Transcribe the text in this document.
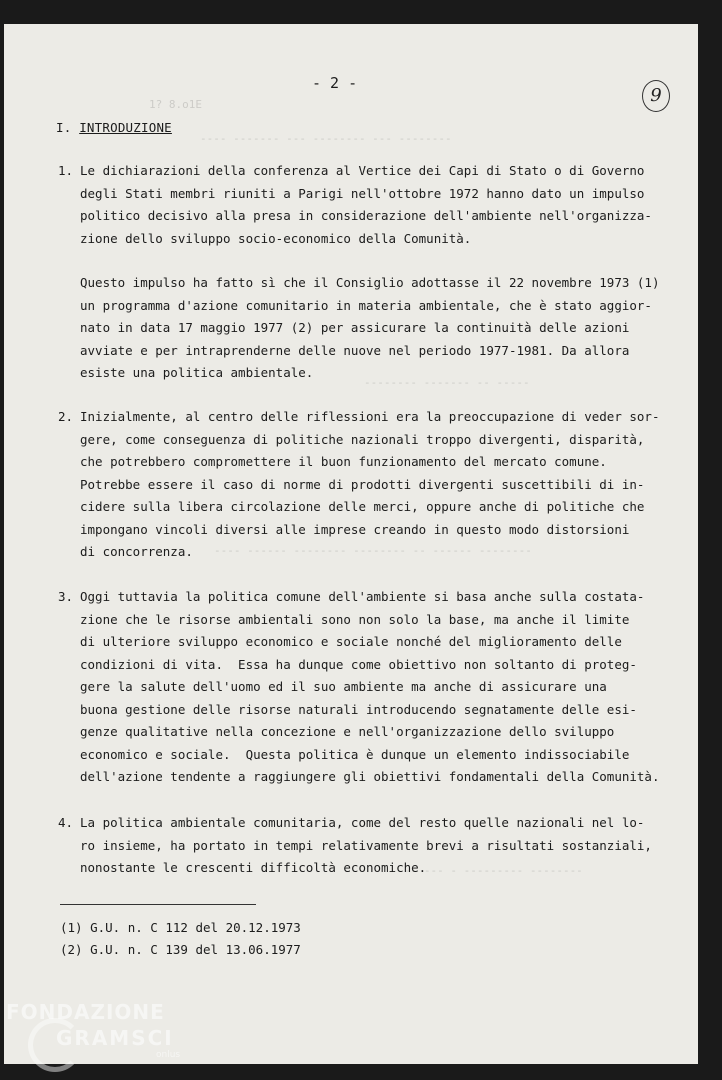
1? 8.o1E
---- ------- --- -------- --- --------
-------- ------- -- -----
---- ------ -------- -------- -- ------ --------
-- --- - --------- --------
- 2 -
9
I. INTRODUZIONE
1. Le dichiarazioni della conferenza al Vertice dei Capi di Stato o di Governo
degli Stati membri riuniti a Parigi nell'ottobre 1972 hanno dato un impulso
politico decisivo alla presa in considerazione dell'ambiente nell'organizza-
zione dello sviluppo socio-economico della Comunità.
Questo impulso ha fatto sì che il Consiglio adottasse il 22 novembre 1973 (1)
un programma d'azione comunitario in materia ambientale, che è stato aggior-
nato in data 17 maggio 1977 (2) per assicurare la continuità delle azioni
avviate e per intraprenderne delle nuove nel periodo 1977-1981. Da allora
esiste una politica ambientale.
2. Inizialmente, al centro delle riflessioni era la preoccupazione di veder sor-
gere, come conseguenza di politiche nazionali troppo divergenti, disparità,
che potrebbero compromettere il buon funzionamento del mercato comune.
Potrebbe essere il caso di norme di prodotti divergenti suscettibili di in-
cidere sulla libera circolazione delle merci, oppure anche di politiche che
impongano vincoli diversi alle imprese creando in questo modo distorsioni
di concorrenza.
3. Oggi tuttavia la politica comune dell'ambiente si basa anche sulla costata-
zione che le risorse ambientali sono non solo la base, ma anche il limite
di ulteriore sviluppo economico e sociale nonché del miglioramento delle
condizioni di vita.  Essa ha dunque come obiettivo non soltanto di proteg-
gere la salute dell'uomo ed il suo ambiente ma anche di assicurare una
buona gestione delle risorse naturali introducendo segnatamente delle esi-
genze qualitative nella concezione e nell'organizzazione dello sviluppo
economico e sociale.  Questa politica è dunque un elemento indissociabile
dell'azione tendente a raggiungere gli obiettivi fondamentali della Comunità.
4. La politica ambientale comunitaria, come del resto quelle nazionali nel lo-
ro insieme, ha portato in tempi relativamente brevi a risultati sostanziali,
nonostante le crescenti difficoltà economiche.
(1) G.U. n. C 112 del 20.12.1973
(2) G.U. n. C 139 del 13.06.1977
FONDAZIONE
GRAMSCI
onlus
